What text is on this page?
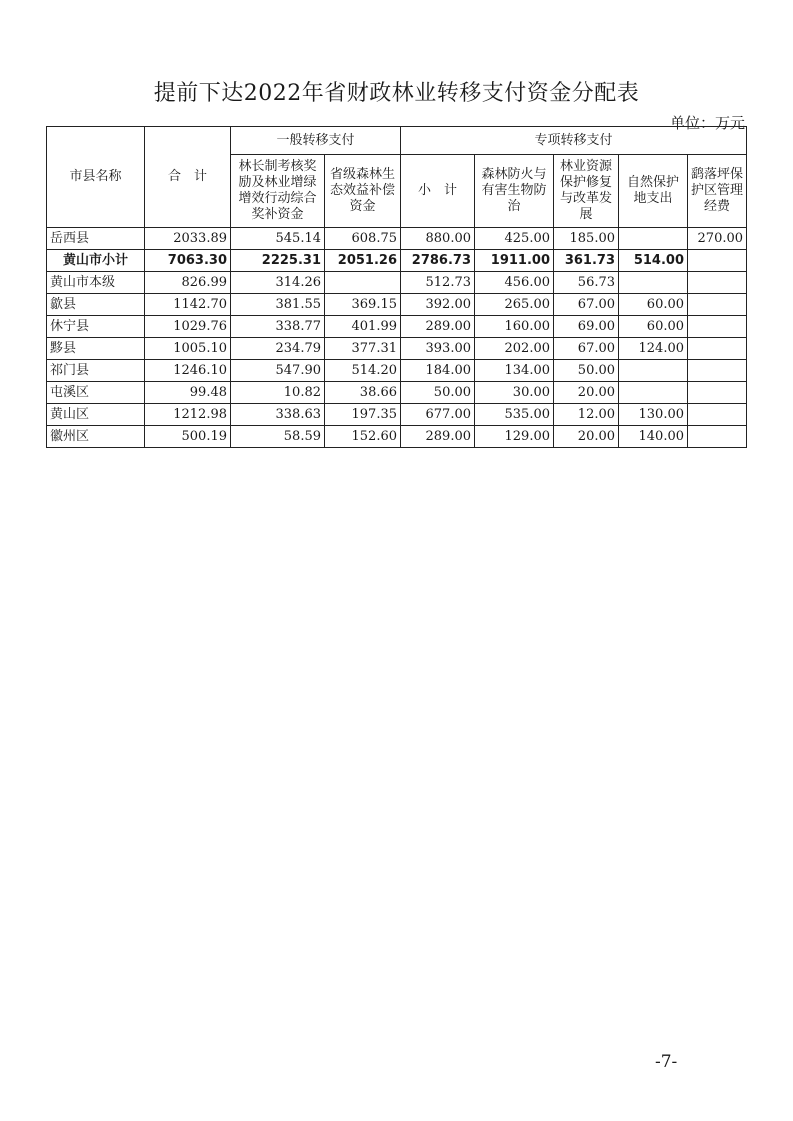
提前下达2022年省财政林业转移支付资金分配表
单位：万元
市县名称	合　计	一般转移支付		专项转移支付				
		林长制考核奖励及林业增绿增效行动综合奖补资金	省级森林生态效益补偿资金	小　计	森林防火与有害生物防治	林业资源保护修复与改革发展	自然保护地支出	鹞落坪保护区管理经费
岳西县	2033.89	545.14	608.75	880.00	425.00	185.00		270.00
黄山市小计	7063.30	2225.31	2051.26	2786.73	1911.00	361.73	514.00	
黄山市本级	826.99	314.26		512.73	456.00	56.73		
歙县	1142.70	381.55	369.15	392.00	265.00	67.00	60.00	
休宁县	1029.76	338.77	401.99	289.00	160.00	69.00	60.00	
黟县	1005.10	234.79	377.31	393.00	202.00	67.00	124.00	
祁门县	1246.10	547.90	514.20	184.00	134.00	50.00		
屯溪区	99.48	10.82	38.66	50.00	30.00	20.00		
黄山区	1212.98	338.63	197.35	677.00	535.00	12.00	130.00	
徽州区	500.19	58.59	152.60	289.00	129.00	20.00	140.00	
-7-
